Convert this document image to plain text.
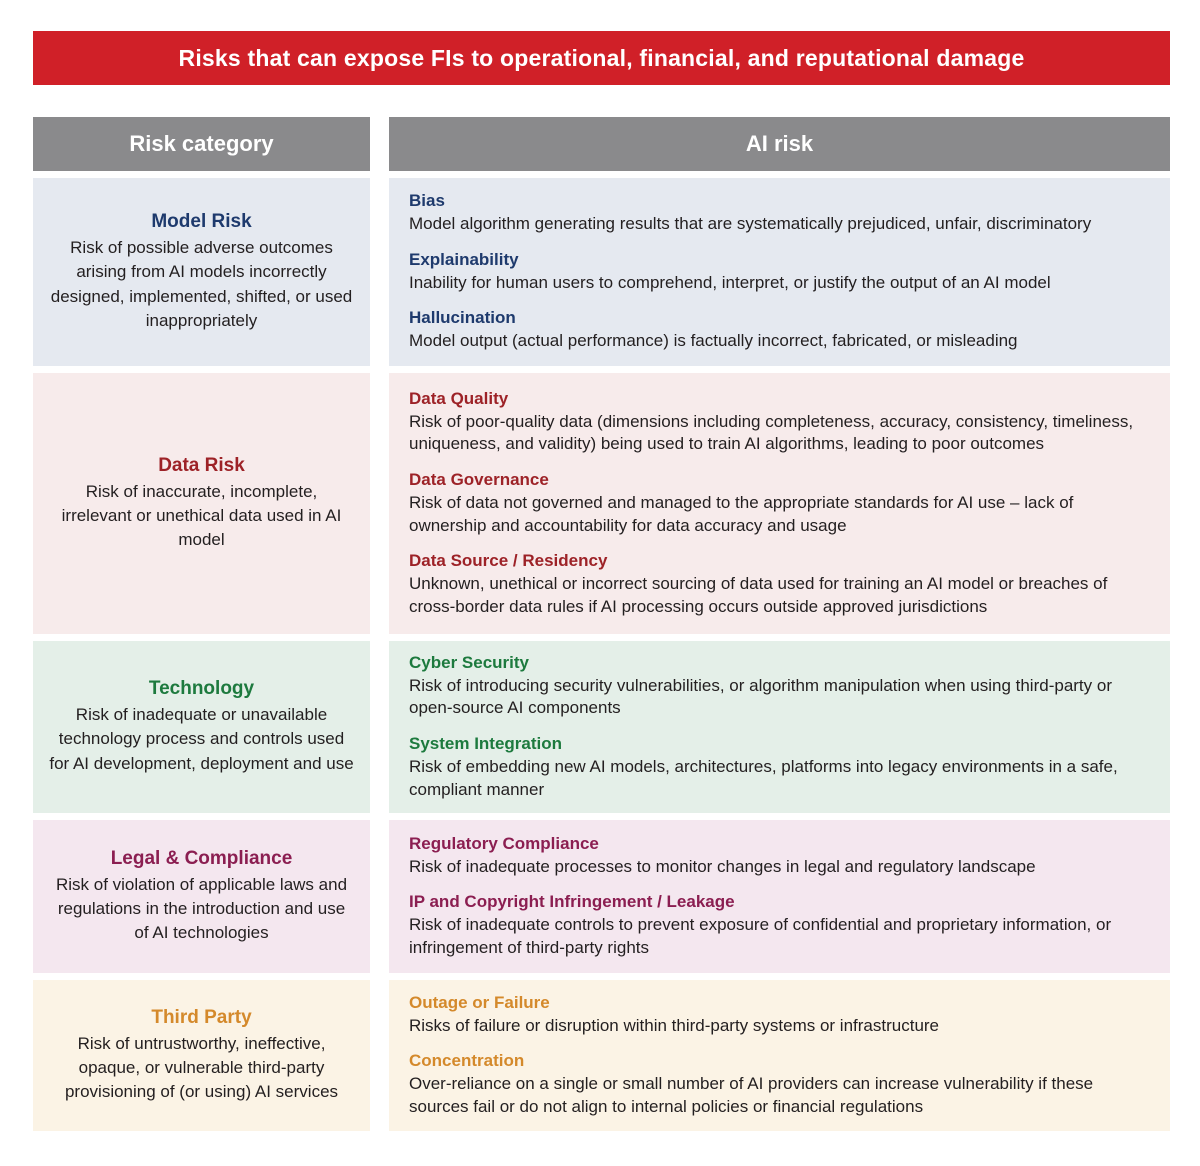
Risks that can expose FIs to operational, financial, and reputational damage
Risk category	AI risk
Model Risk

Risk of possible adverse outcomes arising from AI models incorrectly designed, implemented, shifted, or used inappropriately

Bias

Model algorithm generating results that are systematically prejudiced, unfair, discriminatory

Explainability

Inability for human users to comprehend, interpret, or justify the output of an AI model

Hallucination

Model output (actual performance) is factually incorrect, fabricated, or misleading

Data Risk

Risk of inaccurate, incomplete, irrelevant or unethical data used in AI model

Data Quality

Risk of poor-quality data (dimensions including completeness, accuracy, consistency, timeliness, uniqueness, and validity) being used to train AI algorithms, leading to poor outcomes

Data Governance

Risk of data not governed and managed to the appropriate standards for AI use – lack of ownership and accountability for data accuracy and usage

Data Source / Residency

Unknown, unethical or incorrect sourcing of data used for training an AI model or breaches of cross-border data rules if AI processing occurs outside approved jurisdictions

Technology

Risk of inadequate or unavailable technology process and controls used for AI development, deployment and use

Cyber Security

Risk of introducing security vulnerabilities, or algorithm manipulation when using third-party or open-source AI components

System Integration

Risk of embedding new AI models, architectures, platforms into legacy environments in a safe, compliant manner

Legal & Compliance

Risk of violation of applicable laws and regulations in the introduction and use of AI technologies

Regulatory Compliance

Risk of inadequate processes to monitor changes in legal and regulatory landscape

IP and Copyright Infringement / Leakage

Risk of inadequate controls to prevent exposure of confidential and proprietary information, or infringement of third-party rights

Third Party

Risk of untrustworthy, ineffective, opaque, or vulnerable third-party provisioning of (or using) AI services

Outage or Failure

Risks of failure or disruption within third-party systems or infrastructure

Concentration

Over-reliance on a single or small number of AI providers can increase vulnerability if these sources fail or do not align to internal policies or financial regulations
